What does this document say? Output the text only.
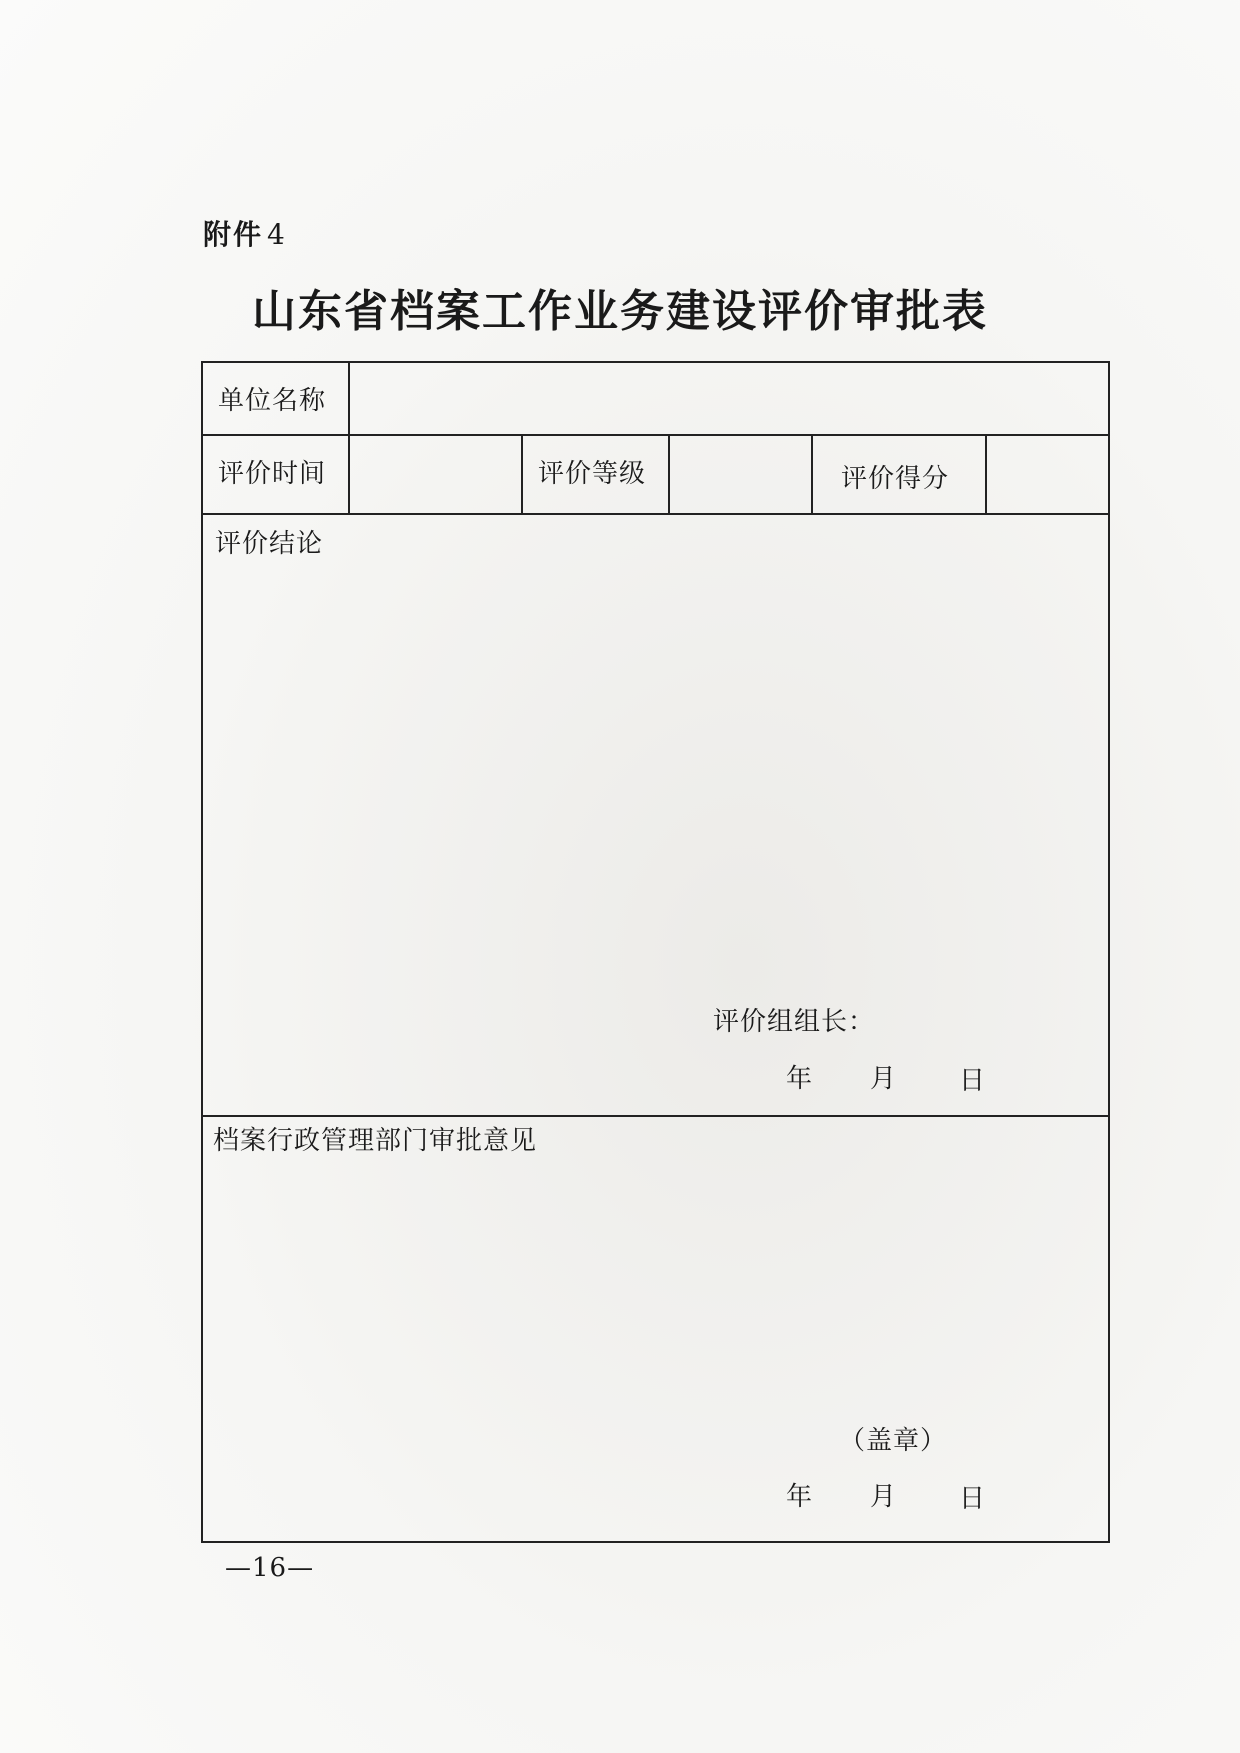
附件 4
山东省档案工作业务建设评价审批表
单位名称
评价时间	评价等级	评价得分
评价结论
评价组组长：
年 月 日
档案行政管理部门审批意见
（盖章）
年 月 日
—16—
